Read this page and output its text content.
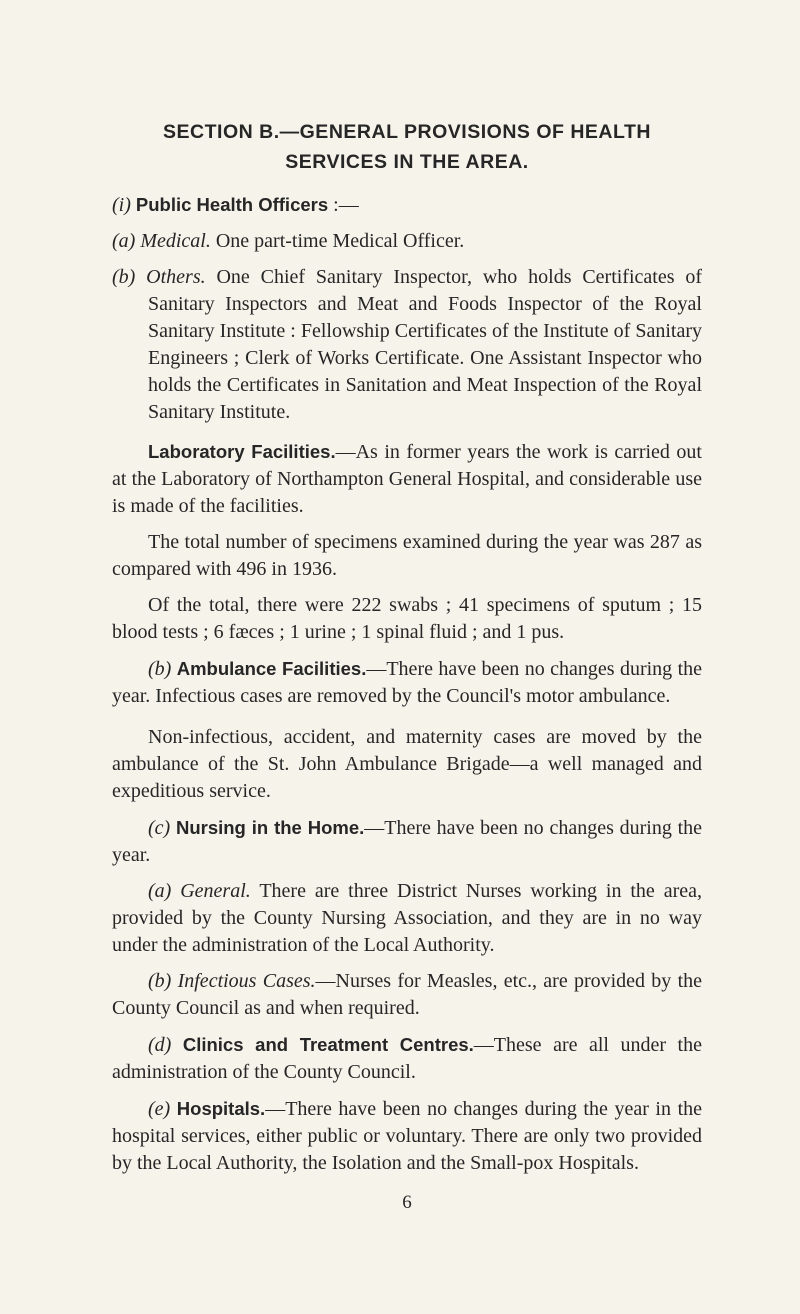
SECTION B.—GENERAL PROVISIONS OF HEALTH
SERVICES IN THE AREA.

(i) Public Health Officers :—

(a) Medical. One part-time Medical Officer.

(b) Others. One Chief Sanitary Inspector, who holds Certificates of Sanitary Inspectors and Meat and Foods Inspector of the Royal Sanitary Institute : Fellowship Certificates of the Institute of Sanitary Engineers ; Clerk of Works Certificate. One Assistant Inspector who holds the Certificates in Sanitation and Meat Inspection of the Royal Sanitary Institute.

Laboratory Facilities.—As in former years the work is carried out at the Laboratory of Northampton General Hospital, and considerable use is made of the facilities.

The total number of specimens examined during the year was 287 as compared with 496 in 1936.

Of the total, there were 222 swabs ; 41 specimens of sputum ; 15 blood tests ; 6 fæces ; 1 urine ; 1 spinal fluid ; and 1 pus.

(b) Ambulance Facilities.—There have been no changes during the year. Infectious cases are removed by the Council's motor ambulance.

Non-infectious, accident, and maternity cases are moved by the ambulance of the St. John Ambulance Brigade—a well managed and expeditious service.

(c) Nursing in the Home.—There have been no changes during the year.

(a) General. There are three District Nurses working in the area, provided by the County Nursing Association, and they are in no way under the administration of the Local Authority.

(b) Infectious Cases.—Nurses for Measles, etc., are provided by the County Council as and when required.

(d) Clinics and Treatment Centres.—These are all under the administration of the County Council.

(e) Hospitals.—There have been no changes during the year in the hospital services, either public or voluntary. There are only two provided by the Local Authority, the Isolation and the Small-pox Hospitals.

6
